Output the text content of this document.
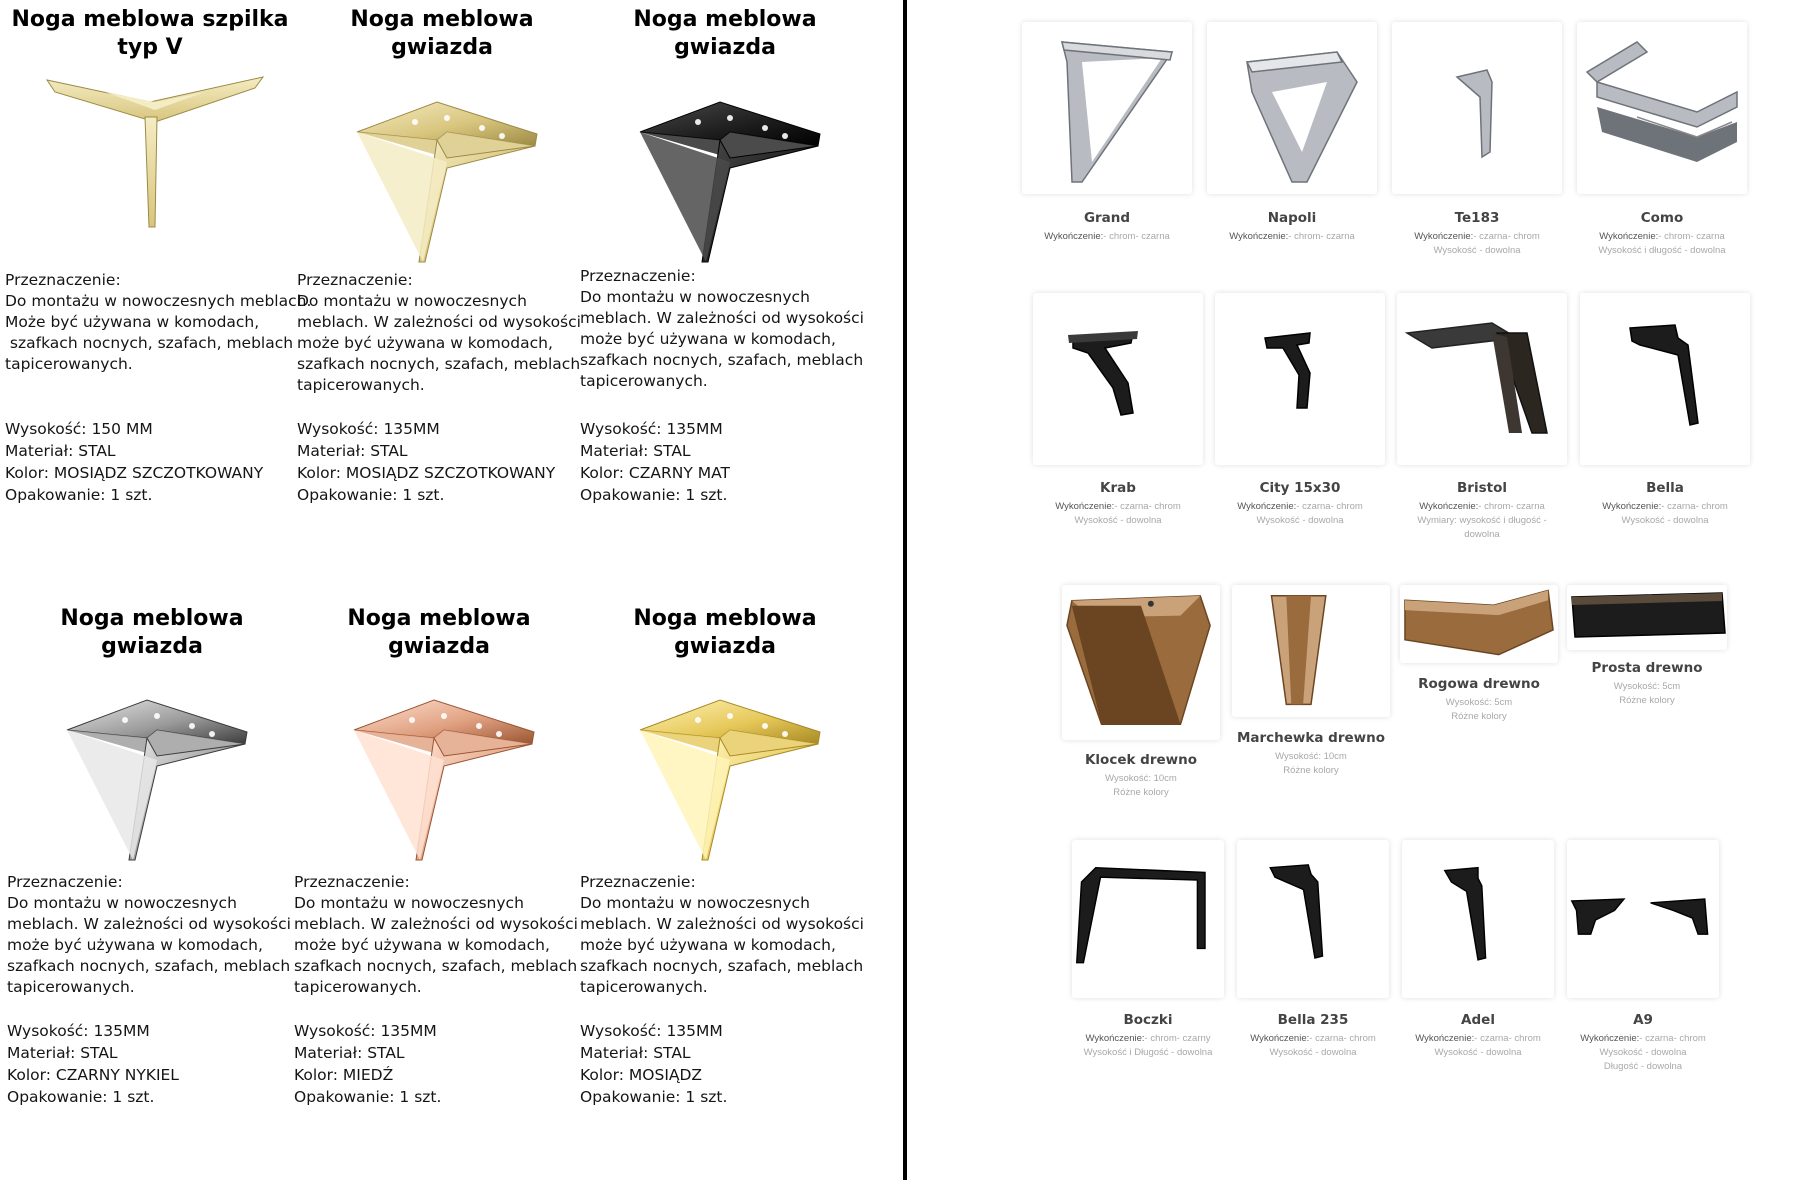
Noga meblowa szpilka
typ V
Przeznaczenie:
Do montażu w nowoczesnych meblach.
Może być używana w komodach,
szafkach nocnych, szafach, meblach
tapicerowanych.
Wysokość: 150 MM
Materiał: STAL
Kolor: MOSIĄDZ SZCZOTKOWANY
Opakowanie: 1 szt.
Noga meblowa gwiazda
Przeznaczenie:
Do montażu w nowoczesnych
meblach. W zależności od wysokości
może być używana w komodach,
szafkach nocnych, szafach, meblach
tapicerowanych.
Wysokość: 135MM
Materiał: STAL
Kolor: MOSIĄDZ SZCZOTKOWANY
Opakowanie: 1 szt.
Noga meblowa gwiazda
Przeznaczenie:
Do montażu w nowoczesnych
meblach. W zależności od wysokości
może być używana w komodach,
szafkach nocnych, szafach, meblach
tapicerowanych.
Wysokość: 135MM
Materiał: STAL
Kolor: CZARNY MAT
Opakowanie: 1 szt.
Noga meblowa gwiazda
Przeznaczenie:
Do montażu w nowoczesnych
meblach. W zależności od wysokości
może być używana w komodach,
szafkach nocnych, szafach, meblach
tapicerowanych.
Wysokość: 135MM
Materiał: STAL
Kolor: CZARNY NYKIEL
Opakowanie: 1 szt.
Noga meblowa gwiazda
Przeznaczenie:
Do montażu w nowoczesnych
meblach. W zależności od wysokości
może być używana w komodach,
szafkach nocnych, szafach, meblach
tapicerowanych.
Wysokość: 135MM
Materiał: STAL
Kolor: MIEDŹ
Opakowanie: 1 szt.
Noga meblowa gwiazda
Przeznaczenie:
Do montażu w nowoczesnych
meblach. W zależności od wysokości
może być używana w komodach,
szafkach nocnych, szafach, meblach
tapicerowanych.
Wysokość: 135MM
Materiał: STAL
Kolor: MOSIĄDZ
Opakowanie: 1 szt.
Grand
Wykończenie:- chrom- czarna
Napoli
Wykończenie:- chrom- czarna
Te183
Wykończenie:- czarna- chrom
Wysokość - dowolna
Como
Wykończenie:- chrom- czarna
Wysokość i długość - dowolna
Krab
Wykończenie:- czarna- chrom
Wysokość - dowolna
City 15x30
Wykończenie:- czarna- chrom
Wysokość - dowolna
Bristol
Wykończenie:- chrom- czarna
Wymiary: wysokość i długość -
dowolna
Bella
Wykończenie:- czarna- chrom
Wysokość - dowolna
Klocek drewno
Wysokość: 10cm
Różne kolory
Marchewka drewno
Wysokość: 10cm
Różne kolory
Rogowa drewno
Wysokość: 5cm
Różne kolory
Prosta drewno
Wysokość: 5cm
Różne kolory
Boczki
Wykończenie:- chrom- czarny
Wysokość i Długość - dowolna
Bella 235
Wykończenie:- czarna- chrom
Wysokość - dowolna
Adel
Wykończenie:- czarna- chrom
Wysokość - dowolna
A9
Wykończenie:- czarna- chrom
Wysokość - dowolna
Długość - dowolna
